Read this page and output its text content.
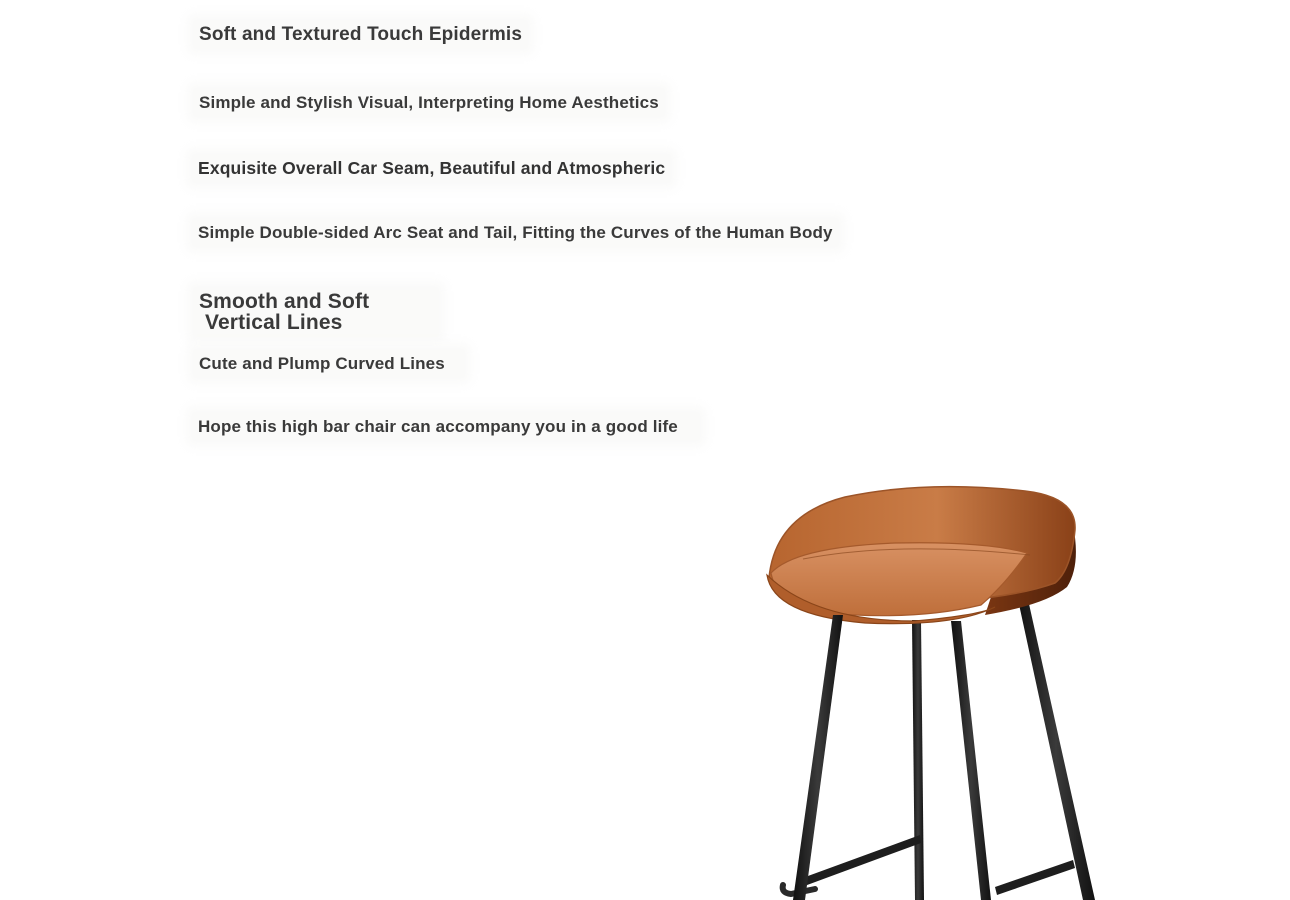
Soft and Textured Touch Epidermis

Simple and Stylish Visual, Interpreting Home Aesthetics

Exquisite Overall Car Seam, Beautiful and Atmospheric

Simple Double-sided Arc Seat and Tail, Fitting the Curves of the Human Body

Smooth and Soft
Vertical Lines

Cute and Plump Curved Lines

Hope this high bar chair can accompany you in a good life
